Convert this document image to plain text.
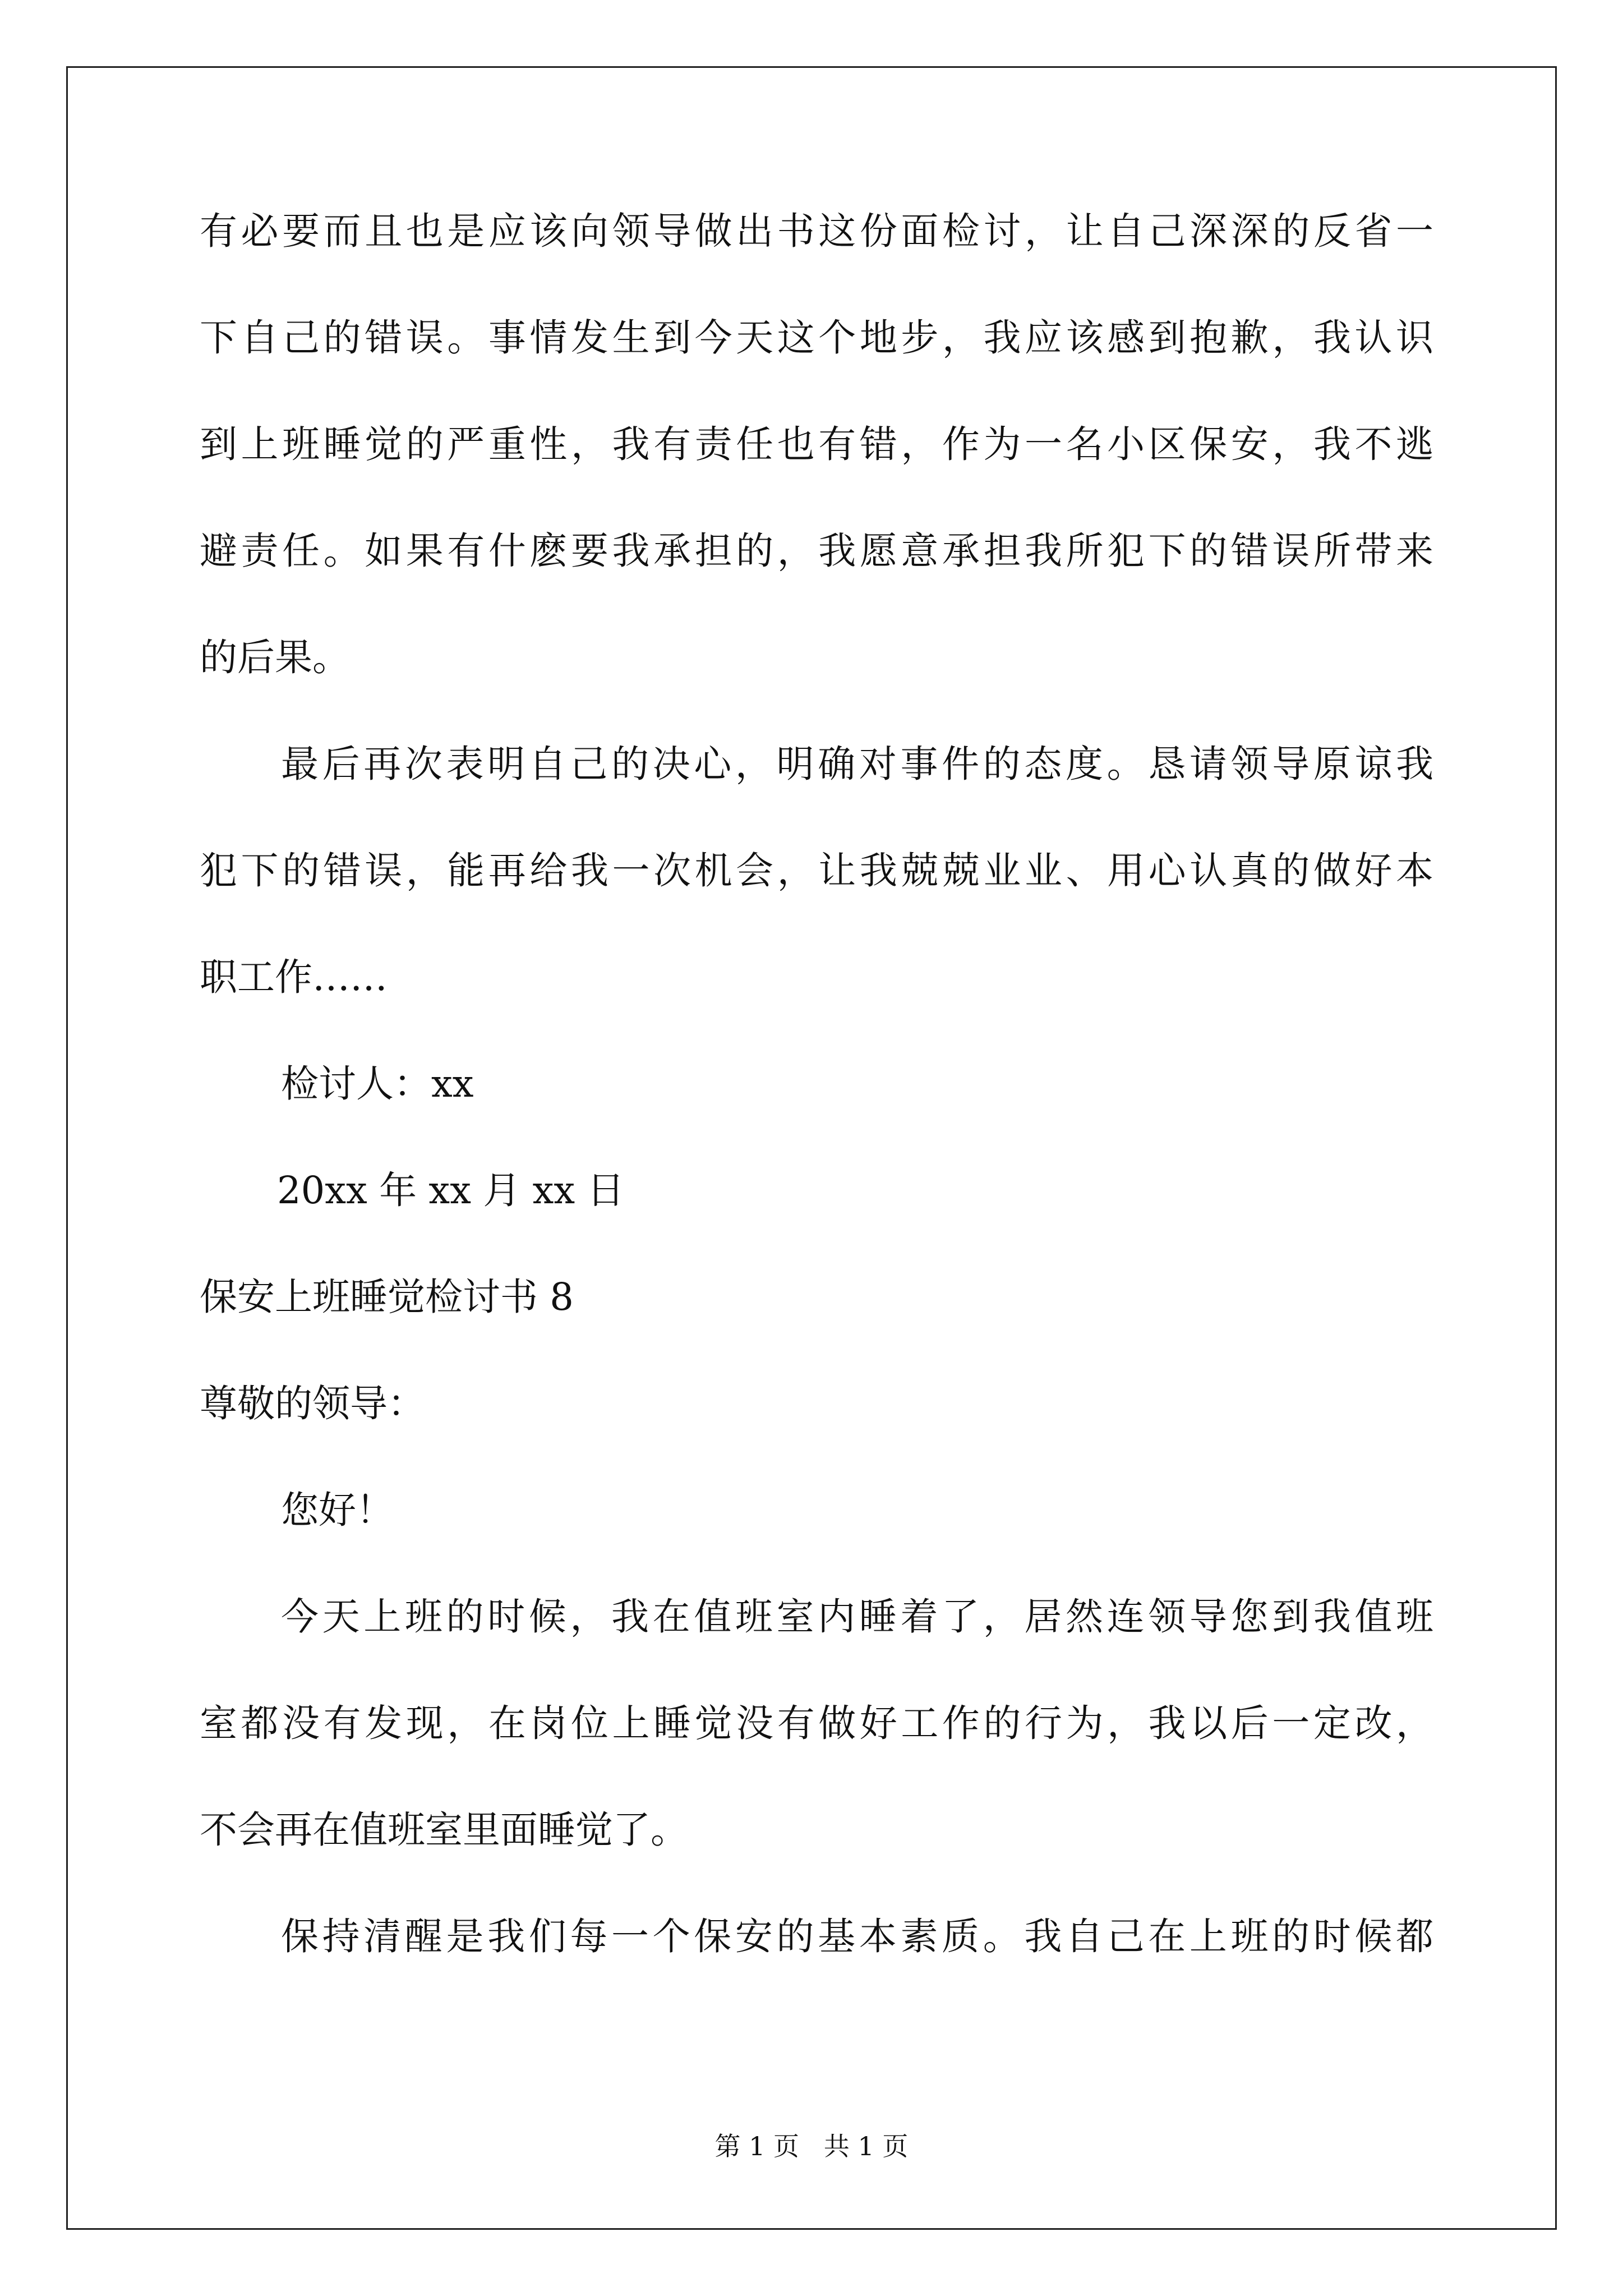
有必要而且也是应该向领导做出书这份面检讨，让自己深深的反省一
下自己的错误。事情发生到今天这个地步，我应该感到抱歉，我认识
到上班睡觉的严重性，我有责任也有错，作为一名小区保安，我不逃
避责任。如果有什麽要我承担的，我愿意承担我所犯下的错误所带来
的后果。
最后再次表明自己的决心，明确对事件的态度。恳请领导原谅我
犯下的错误，能再给我一次机会，让我兢兢业业、用心认真的做好本
职工作……
检讨人：xx
20xx 年 xx 月 xx 日
保安上班睡觉检讨书 8
尊敬的领导：
您好！
今天上班的时候，我在值班室内睡着了，居然连领导您到我值班
室都没有发现，在岗位上睡觉没有做好工作的行为，我以后一定改，
不会再在值班室里面睡觉了。
保持清醒是我们每一个保安的基本素质。我自己在上班的时候都
第 1 页   共 1 页
